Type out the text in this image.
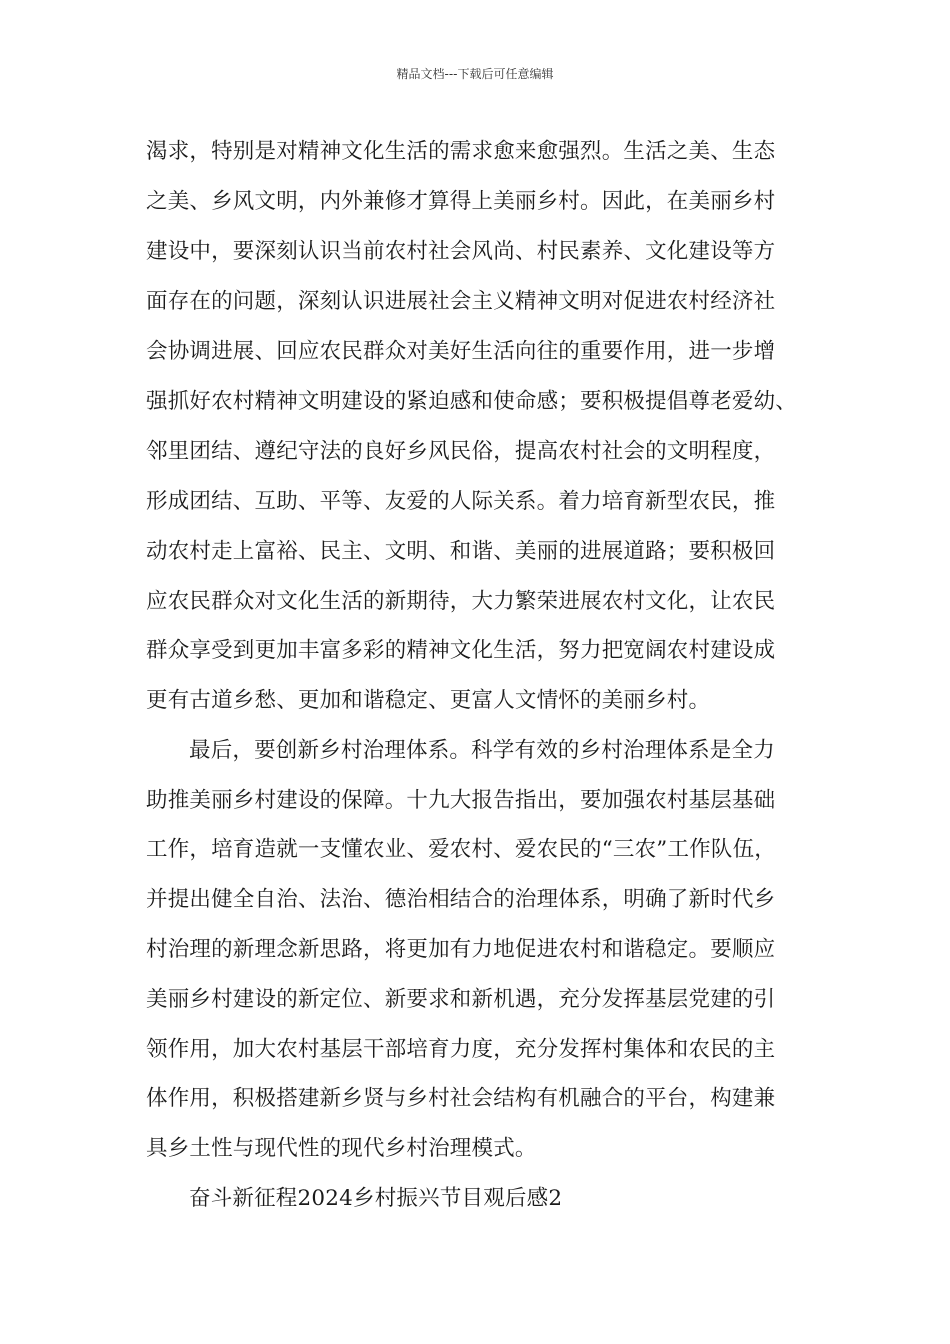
精品文档---下载后可任意编辑
渴求，特别是对精神文化生活的需求愈来愈强烈。生活之美、生态
之美、乡风文明，内外兼修才算得上美丽乡村。因此，在美丽乡村
建设中，要深刻认识当前农村社会风尚、村民素养、文化建设等方
面存在的问题，深刻认识进展社会主义精神文明对促进农村经济社
会协调进展、回应农民群众对美好生活向往的重要作用，进一步增
强抓好农村精神文明建设的紧迫感和使命感；要积极提倡尊老爱幼、
邻里团结、遵纪守法的良好乡风民俗，提高农村社会的文明程度，
形成团结、互助、平等、友爱的人际关系。着力培育新型农民，推
动农村走上富裕、民主、文明、和谐、美丽的进展道路；要积极回
应农民群众对文化生活的新期待，大力繁荣进展农村文化，让农民
群众享受到更加丰富多彩的精神文化生活，努力把宽阔农村建设成
更有古道乡愁、更加和谐稳定、更富人文情怀的美丽乡村。
最后，要创新乡村治理体系。科学有效的乡村治理体系是全力
助推美丽乡村建设的保障。十九大报告指出，要加强农村基层基础
工作，培育造就一支懂农业、爱农村、爱农民的“三农”工作队伍，
并提出健全自治、法治、德治相结合的治理体系，明确了新时代乡
村治理的新理念新思路，将更加有力地促进农村和谐稳定。要顺应
美丽乡村建设的新定位、新要求和新机遇，充分发挥基层党建的引
领作用，加大农村基层干部培育力度，充分发挥村集体和农民的主
体作用，积极搭建新乡贤与乡村社会结构有机融合的平台，构建兼
具乡土性与现代性的现代乡村治理模式。
奋斗新征程2024乡村振兴节目观后感2
